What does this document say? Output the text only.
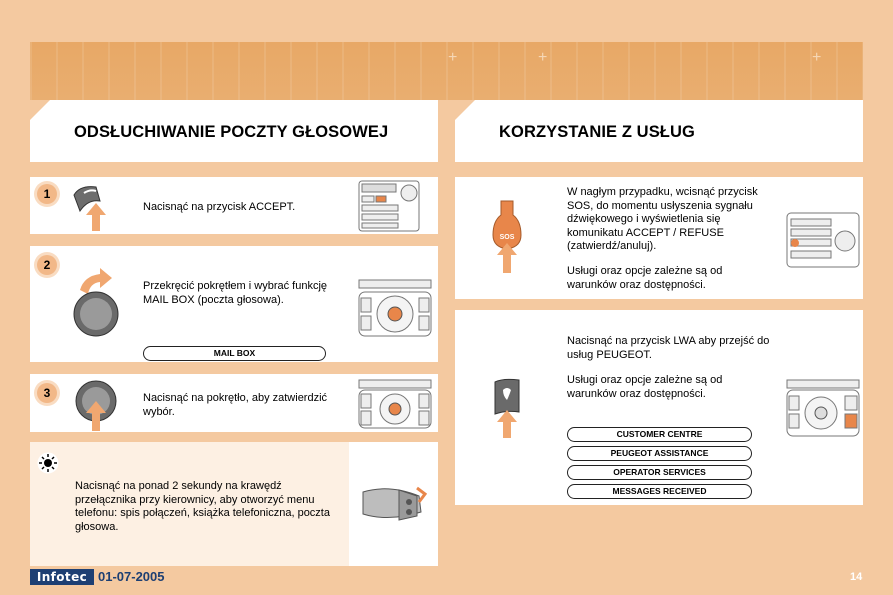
+	+	+
ODSŁUCHIWANIE POCZTY GŁOSOWEJ	KORZYSTANIE Z USŁUG
1
Nacisnąć na przycisk ACCEPT.
2
Przekręcić pokrętłem i wybrać funkcję MAIL BOX (poczta głosowa).
MAIL BOX
3	Nacisnąć na pokrętło, aby zatwierdzić wybór.
Nacisnąć na ponad 2 sekundy na krawędź przełącznika przy kierownicy, aby otworzyć menu telefonu: spis połączeń, książka telefoniczna, poczta głosowa.
SOS
W nagłym przypadku, wcisnąć przycisk SOS, do momentu usłyszenia sygnału dźwiękowego i wyświetlenia się komunikatu ACCEPT / REFUSE (zatwierdź/anuluj).
Usługi oraz opcje zależne są od warunków oraz dostępności.
Nacisnąć na przycisk LWA aby przejść do usług PEUGEOT.
Usługi oraz opcje zależne są od warunków oraz dostępności.
CUSTOMER CENTRE
PEUGEOT ASSISTANCE
OPERATOR SERVICES
MESSAGES RECEIVED
Infotec 01-07-2005	14
